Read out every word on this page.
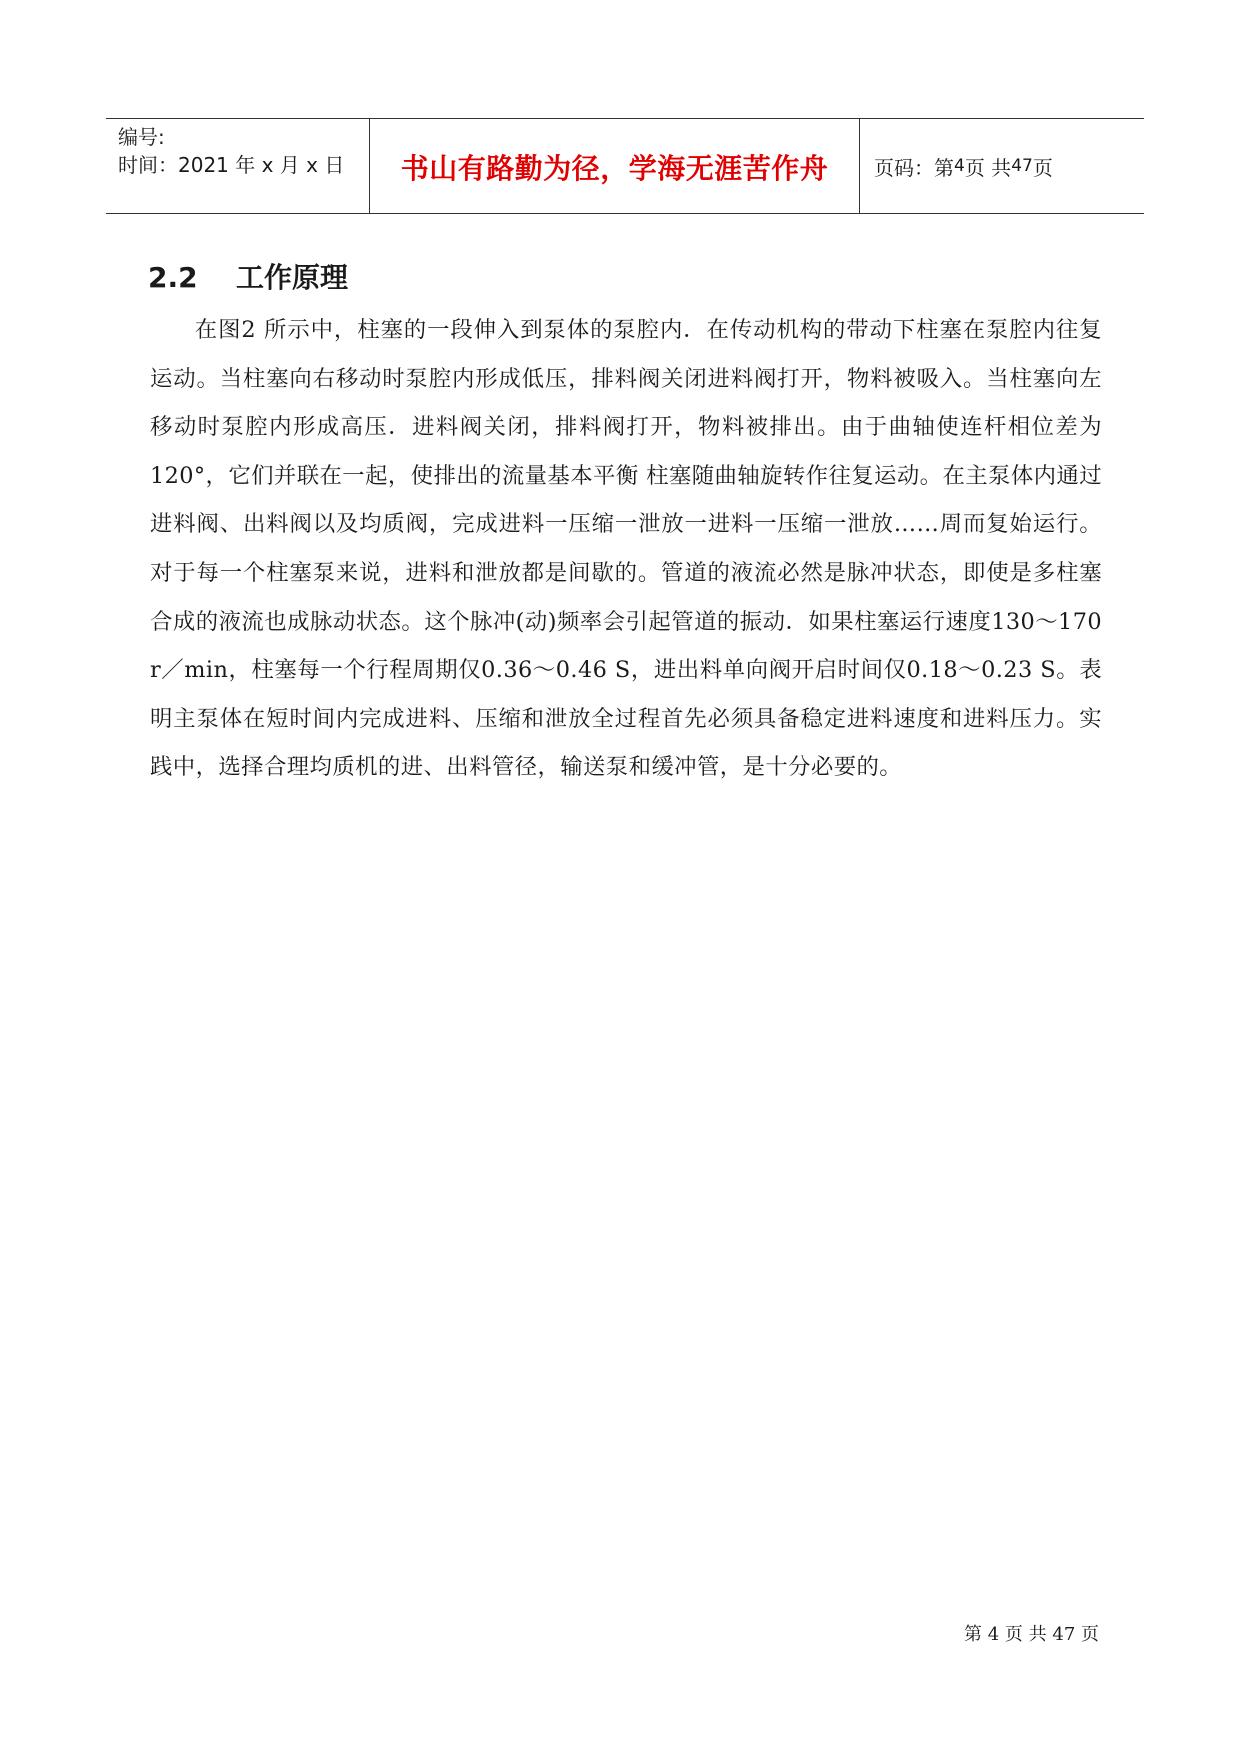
编号:
时间：2021 年 x 月 x 日	书山有路勤为径，学海无涯苦作舟 页码：第 4 页 共 47 页
2.2	工作原理

在图2 所示中，柱塞的一段伸入到泵体的泵腔内．在传动机构的带动下柱塞在泵腔内往复运动。当柱塞向右移动时泵腔内形成低压，排料阀关闭进料阀打开，物料被吸入。当柱塞向左移动时泵腔内形成高压．进料阀关闭，排料阀打开，物料被排出。由于曲轴使连杆相位差为120°，它们并联在一起，使排出的流量基本平衡 柱塞随曲轴旋转作往复运动。在主泵体内通过进料阀、出料阀以及均质阀，完成进料一压缩一泄放一进料一压缩一泄放……周而复始运行。对于每一个柱塞泵来说，进料和泄放都是间歇的。管道的液流必然是脉冲状态，即使是多柱塞合成的液流也成脉动状态。这个脉冲(动)频率会引起管道的振动．如果柱塞运行速度130～170 r／min，柱塞每一个行程周期仅0.36～0.46 S，进出料单向阀开启时间仅0.18～0.23 S。表明主泵体在短时间内完成进料、压缩和泄放全过程首先必须具备稳定进料速度和进料压力。实践中，选择合理均质机的进、出料管径，输送泵和缓冲管，是十分必要的。

第 4 页 共 47 页
